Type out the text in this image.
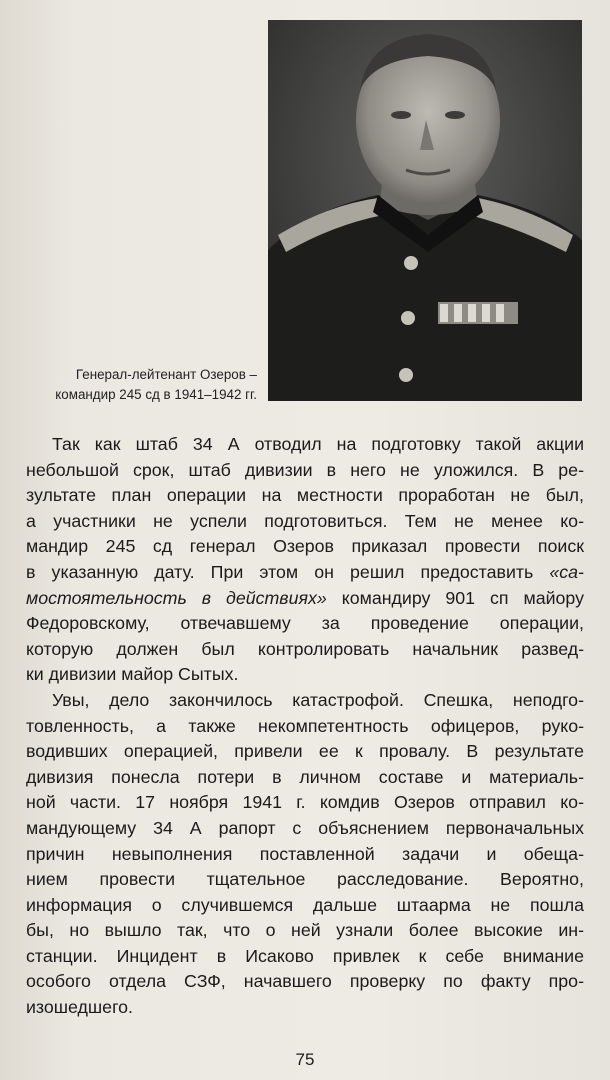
Генерал-лейтенант Озеров –
командир 245 сд в 1941–1942 гг.
Так как штаб 34 А отводил на подготовку такой акции
небольшой срок, штаб дивизии в него не уложился. В ре-
зультате план операции на местности проработан не был,
а участники не успели подготовиться. Тем не менее ко-
мандир 245 сд генерал Озеров приказал провести поиск
в указанную дату. При этом он решил предоставить «са-
мостоятельность в действиях» командиру 901 сп майору
Федоровскому, отвечавшему за проведение операции,
которую должен был контролировать начальник развед-
ки дивизии майор Сытых.
Увы, дело закончилось катастрофой. Спешка, неподго-
товленность, а также некомпетентность офицеров, руко-
водивших операцией, привели ее к провалу. В результате
дивизия понесла потери в личном составе и материаль-
ной части. 17 ноября 1941 г. комдив Озеров отправил ко-
мандующему 34 А рапорт с объяснением первоначальных
причин невыполнения поставленной задачи и обеща-
нием провести тщательное расследование. Вероятно,
информация о случившемся дальше штаарма не пошла
бы, но вышло так, что о ней узнали более высокие ин-
станции. Инцидент в Исаково привлек к себе внимание
особого отдела СЗФ, начавшего проверку по факту про-
изошедшего.
75
